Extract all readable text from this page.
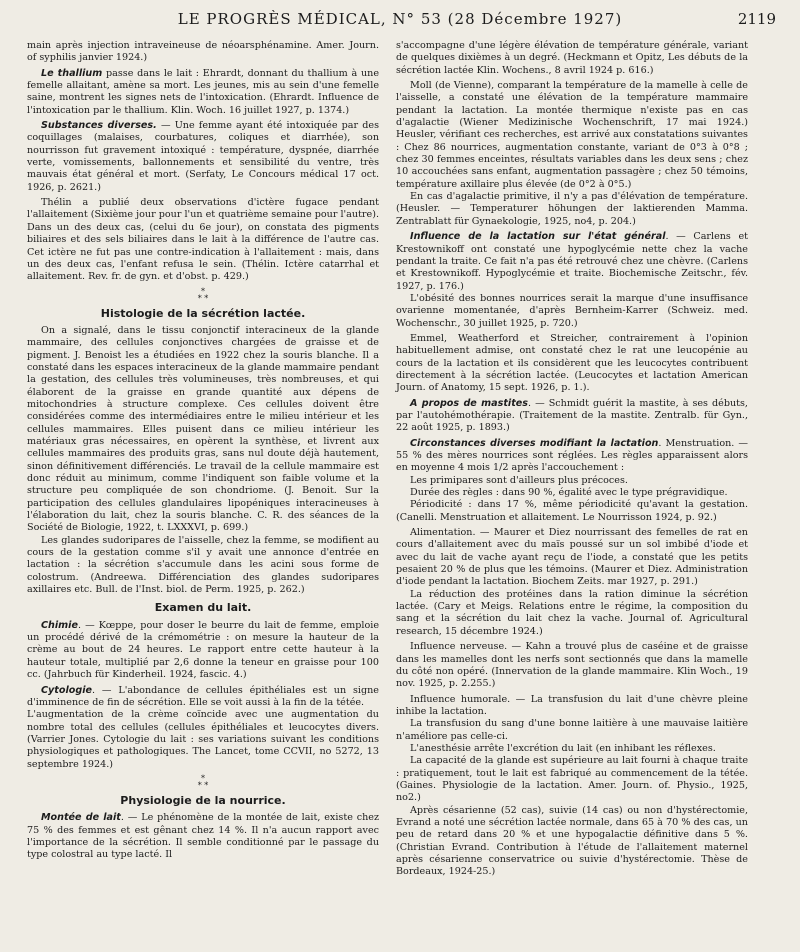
LE PROGRÈS MÉDICAL, N° 53 (28 Décembre 1927)	2119

main après injection intraveineuse de néoarsphénamine. Amer. Journ. of syphilis janvier 1924.)

Le thallium passe dans le lait : Ehrardt, donnant du thallium à une femelle allaitant, amène sa mort. Les jeunes, mis au sein d'une femelle saine, montrent les signes nets de l'intoxication. (Ehrardt. Influence de l'intoxication par le thallium. Klin. Woch. 16 juillet 1927, p. 1374.)

Substances diverses. — Une femme ayant été intoxiquée par des coquillages (malaises, courbatures, coliques et diarrhée), son nourrisson fut gravement intoxiqué : température, dyspnée, diarrhée verte, vomissements, ballonnements et sensibilité du ventre, très mauvais état général et mort. (Serfaty, Le Concours médical 17 oct. 1926, p. 2621.)

Thélin a publié deux observations d'ictère fugace pendant l'allaitement (Sixième jour pour l'un et quatrième semaine pour l'autre). Dans un des deux cas, (celui du 6e jour), on constata des pigments biliaires et des sels biliaires dans le lait à la différence de l'autre cas. Cet ictère ne fut pas une contre-indication à l'allaitement : mais, dans un des deux cas, l'enfant refusa le sein. (Thélin. Ictère catarrhal et allaitement. Rev. fr. de gyn. et d'obst. p. 429.)

*
* *
Histologie de la sécrétion lactée.

On a signalé, dans le tissu conjonctif interacineux de la glande mammaire, des cellules conjonctives chargées de graisse et de pigment. J. Benoist les a étudiées en 1922 chez la souris blanche. Il a constaté dans les espaces interacineux de la glande mammaire pendant la gestation, des cellules très volumineuses, très nombreuses, et qui élaborent de la graisse en grande quantité aux dépens de mitochondries à structure complexe. Ces cellules doivent être considérées comme des intermédiaires entre le milieu intérieur et les cellules mammaires. Elles puisent dans ce milieu intérieur les matériaux gras nécessaires, en opèrent la synthèse, et livrent aux cellules mammaires des produits gras, sans nul doute déjà hautement, sinon définitivement différenciés. Le travail de la cellule mammaire est donc réduit au minimum, comme l'indiquent son faible volume et la structure peu compliquée de son chondriome. (J. Benoit. Sur la participation des cellules glandulaires lipopéniques interacineuses à l'élaboration du lait, chez la souris blanche. C. R. des séances de la Société de Biologie, 1922, t. LXXXVI, p. 699.)

Les glandes sudoripares de l'aisselle, chez la femme, se modifient au cours de la gestation comme s'il y avait une annonce d'entrée en lactation : la sécrétion s'accumule dans les acini sous forme de colostrum. (Andreewa. Différenciation des glandes sudoripares axillaires etc. Bull. de l'Inst. biol. de Perm. 1925, p. 262.)

Examen du lait.

Chimie. — Kœppe, pour doser le beurre du lait de femme, emploie un procédé dérivé de la crémométrie : on mesure la hauteur de la crème au bout de 24 heures. Le rapport entre cette hauteur à la hauteur totale, multiplié par 2,6 donne la teneur en graisse pour 100 cc. (Jahrbuch für Kinderheil. 1924, fascic. 4.)

Cytologie. — L'abondance de cellules épithéliales est un signe d'imminence de fin de sécrétion. Elle se voit aussi à la fin de la tétée.

L'augmentation de la crème coïncide avec une augmentation du nombre total des cellules (cellules épithéliales et leucocytes divers. (Varrier Jones. Cytologie du lait : ses variations suivant les conditions physiologiques et pathologiques. The Lancet, tome CCVII, no 5272, 13 septembre 1924.)

*
* *
Physiologie de la nourrice.

Montée de lait. — Le phénomène de la montée de lait, existe chez 75 % des femmes et est gênant chez 14 %. Il n'a aucun rapport avec l'importance de la sécrétion. Il semble conditionné par le passage du type colostral au type lacté. Il

s'accompagne d'une légère élévation de température générale, variant de quelques dixièmes à un degré. (Heckmann et Opitz, Les débuts de la sécrétion lactée Klin. Wochens., 8 avril 1924 p. 616.)

Moll (de Vienne), comparant la température de la mamelle à celle de l'aisselle, a constaté une élévation de la température mammaire pendant la lactation. La montée thermique n'existe pas en cas d'agalactie (Wiener Medizinische Wochenschrift, 17 mai 1924.) Heusler, vérifiant ces recherches, est arrivé aux constatations suivantes : Chez 86 nourrices, augmentation constante, variant de 0°3 à 0°8 ; chez 30 femmes enceintes, résultats variables dans les deux sens ; chez 10 accouchées sans enfant, augmentation passagère ; chez 50 témoins, température axillaire plus élevée (de 0°2 à 0°5.)

En cas d'agalactie primitive, il n'y a pas d'élévation de température. (Heusler. — Temperaturer höhungen der laktierenden Mamma. Zentrablatt für Gynaekologie, 1925, no4, p. 204.)

Influence de la lactation sur l'état général. — Carlens et Krestownikoff ont constaté une hypoglycémie nette chez la vache pendant la traite. Ce fait n'a pas été retrouvé chez une chèvre. (Carlens et Krestownikoff. Hypoglycémie et traite. Biochemische Zeitschr., fév. 1927, p. 176.)

L'obésité des bonnes nourrices serait la marque d'une insuffisance ovarienne momentanée, d'après Bernheim-Karrer (Schweiz. med. Wochenschr., 30 juillet 1925, p. 720.)

Emmel, Weatherford et Streicher, contrairement à l'opinion habituellement admise, ont constaté chez le rat une leucopénie au cours de la lactation et ils considèrent que les leucocytes contribuent directement à la sécrétion lactée. (Leucocytes et lactation American Journ. of Anatomy, 15 sept. 1926, p. 1.).

A propos de mastites. — Schmidt guérit la mastite, à ses débuts, par l'autohémothérapie. (Traitement de la mastite. Zentralb. für Gyn., 22 août 1925, p. 1893.)

Circonstances diverses modifiant la lactation. Menstruation. — 55 % des mères nourrices sont réglées. Les règles apparaissent alors en moyenne 4 mois 1/2 après l'accouchement :

Les primipares sont d'ailleurs plus précoces.

Durée des règles : dans 90 %, égalité avec le type prégravidique.

Périodicité : dans 17 %, même périodicité qu'avant la gestation. (Canelli. Menstruation et allaitement. Le Nourrisson 1924, p. 92.)

Alimentation. — Maurer et Diez nourrissant des femelles de rat en cours d'allaitement avec du maïs poussé sur un sol imbibé d'iode et avec du lait de vache ayant reçu de l'iode, a constaté que les petits pesaient 20 % de plus que les témoins. (Maurer et Diez. Administration d'iode pendant la lactation. Biochem Zeits. mar 1927, p. 291.)

La réduction des protéines dans la ration diminue la sécrétion lactée. (Cary et Meigs. Relations entre le régime, la composition du sang et la sécrétion du lait chez la vache. Journal of. Agricultural research, 15 décembre 1924.)

Influence nerveuse. — Kahn a trouvé plus de caséine et de graisse dans les mamelles dont les nerfs sont sectionnés que dans la mamelle du côté non opéré. (Innervation de la glande mammaire. Klin Woch., 19 nov. 1925, p. 2.255.)

Influence humorale. — La transfusion du lait d'une chèvre pleine inhibe la lactation.

La transfusion du sang d'une bonne laitière à une mauvaise laitière n'améliore pas celle-ci.

L'anesthésie arrête l'excrétion du lait (en inhibant les réflexes.

La capacité de la glande est supérieure au lait fourni à chaque traite : pratiquement, tout le lait est fabriqué au commencement de la tétée. (Gaines. Physiologie de la lactation. Amer. Journ. of. Physio., 1925, no2.)

Après césarienne (52 cas), suivie (14 cas) ou non d'hystérectomie, Evrand a noté une sécrétion lactée normale, dans 65 à 70 % des cas, un peu de retard dans 20 % et une hypogalactie définitive dans 5 %. (Christian Evrand. Contribution à l'étude de l'allaitement maternel après césarienne conservatrice ou suivie d'hystérectomie. Thèse de Bordeaux, 1924-25.)
